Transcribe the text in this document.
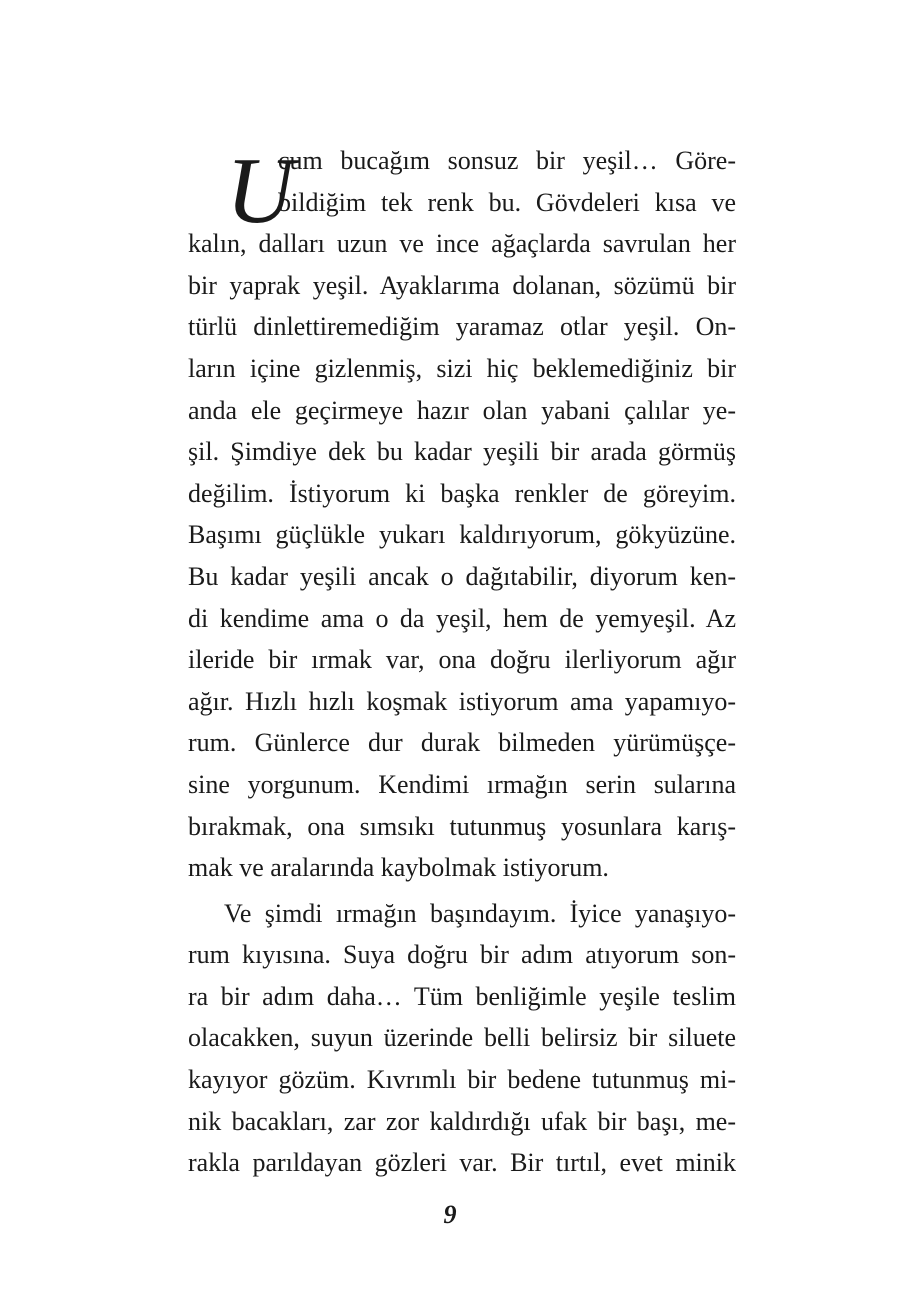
U
cum bucağım sonsuz bir yeşil… Göre-
bildiğim tek renk bu. Gövdeleri kısa ve
kalın, dalları uzun ve ince ağaçlarda savrulan her
bir yaprak yeşil. Ayaklarıma dolanan, sözümü bir
türlü dinlettiremediğim yaramaz otlar yeşil. On-
ların içine gizlenmiş, sizi hiç beklemediğiniz bir
anda ele geçirmeye hazır olan yabani çalılar ye-
şil. Şimdiye dek bu kadar yeşili bir arada görmüş
değilim. İstiyorum ki başka renkler de göreyim.
Başımı güçlükle yukarı kaldırıyorum, gökyüzüne.
Bu kadar yeşili ancak o dağıtabilir, diyorum ken-
di kendime ama o da yeşil, hem de yemyeşil. Az
ileride bir ırmak var, ona doğru ilerliyorum ağır
ağır. Hızlı hızlı koşmak istiyorum ama yapamıyo-
rum. Günlerce dur durak bilmeden yürümüşçe-
sine yorgunum. Kendimi ırmağın serin sularına
bırakmak, ona sımsıkı tutunmuş yosunlara karış-
mak ve aralarında kaybolmak istiyorum.
Ve şimdi ırmağın başındayım. İyice yanaşıyo-
rum kıyısına. Suya doğru bir adım atıyorum son-
ra bir adım daha… Tüm benliğimle yeşile teslim
olacakken, suyun üzerinde belli belirsiz bir siluete
kayıyor gözüm. Kıvrımlı bir bedene tutunmuş mi-
nik bacakları, zar zor kaldırdığı ufak bir başı, me-
rakla parıldayan gözleri var. Bir tırtıl, evet minik
9
